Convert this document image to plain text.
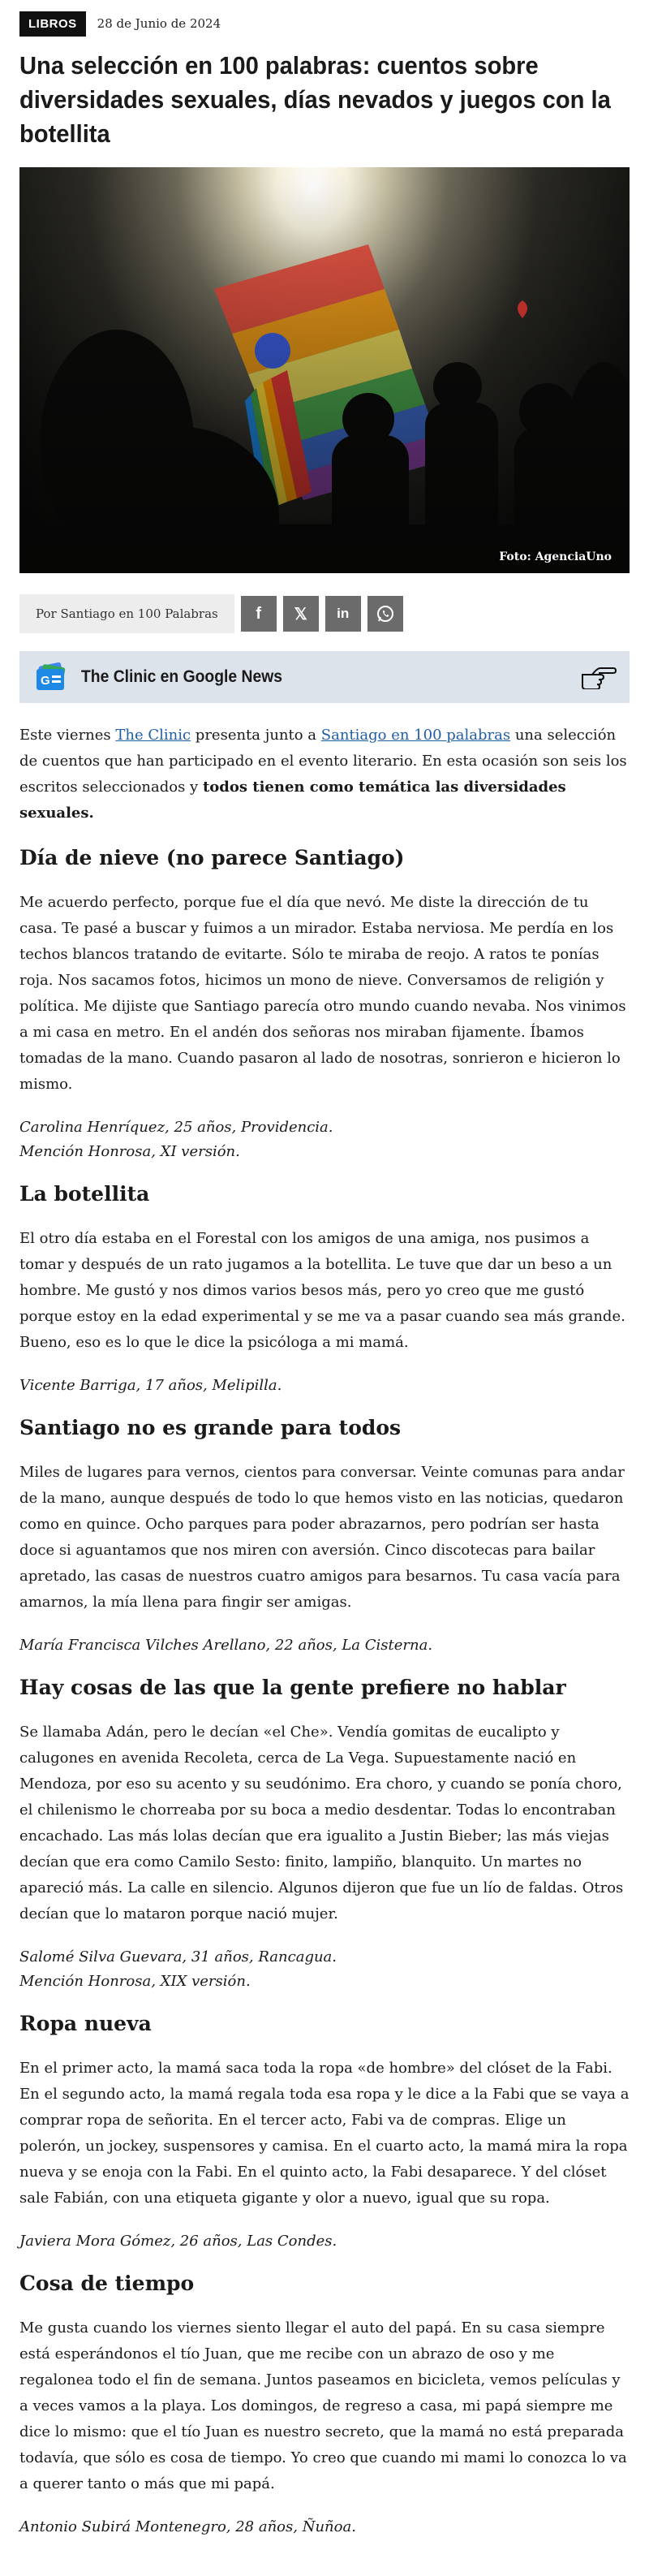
LIBROS	28 de Junio de 2024
Una selección en 100 palabras: cuentos sobre diversidades sexuales, días nevados y juegos con la botellita
Foto: AgenciaUno
Por Santiago en 100 Palabras	f 𝕏 in
G The Clinic en Google News

Este viernes The Clinic presenta junto a Santiago en 100 palabras una selección de cuentos que han participado en el evento literario. En esta ocasión son seis los escritos seleccionados y todos tienen como temática las diversidades sexuales.

Día de nieve (no parece Santiago)

Me acuerdo perfecto, porque fue el día que nevó. Me diste la dirección de tu casa. Te pasé a buscar y fuimos a un mirador. Estaba nerviosa. Me perdía en los techos blancos tratando de evitarte. Sólo te miraba de reojo. A ratos te ponías roja. Nos sacamos fotos, hicimos un mono de nieve. Conversamos de religión y política. Me dijiste que Santiago parecía otro mundo cuando nevaba. Nos vinimos a mi casa en metro. En el andén dos señoras nos miraban fijamente. Íbamos tomadas de la mano. Cuando pasaron al lado de nosotras, sonrieron e hicieron lo mismo.

Carolina Henríquez, 25 años, Providencia.
Mención Honrosa, XI versión.

La botellita

El otro día estaba en el Forestal con los amigos de una amiga, nos pusimos a tomar y después de un rato jugamos a la botellita. Le tuve que dar un beso a un hombre. Me gustó y nos dimos varios besos más, pero yo creo que me gustó porque estoy en la edad experimental y se me va a pasar cuando sea más grande. Bueno, eso es lo que le dice la psicóloga a mi mamá.

Vicente Barriga, 17 años, Melipilla.

Santiago no es grande para todos

Miles de lugares para vernos, cientos para conversar. Veinte comunas para andar de la mano, aunque después de todo lo que hemos visto en las noticias, quedaron como en quince. Ocho parques para poder abrazarnos, pero podrían ser hasta doce si aguantamos que nos miren con aversión. Cinco discotecas para bailar apretado, las casas de nuestros cuatro amigos para besarnos. Tu casa vacía para amarnos, la mía llena para fingir ser amigas.

María Francisca Vilches Arellano, 22 años, La Cisterna.

Hay cosas de las que la gente prefiere no hablar

Se llamaba Adán, pero le decían «el Che». Vendía gomitas de eucalipto y calugones en avenida Recoleta, cerca de La Vega. Supuestamente nació en Mendoza, por eso su acento y su seudónimo. Era choro, y cuando se ponía choro, el chilenismo le chorreaba por su boca a medio desdentar. Todas lo encontraban encachado. Las más lolas decían que era igualito a Justin Bieber; las más viejas decían que era como Camilo Sesto: finito, lampiño, blanquito. Un martes no apareció más. La calle en silencio. Algunos dijeron que fue un lío de faldas. Otros decían que lo mataron porque nació mujer.

Salomé Silva Guevara, 31 años, Rancagua.
Mención Honrosa, XIX versión.

Ropa nueva

En el primer acto, la mamá saca toda la ropa «de hombre» del clóset de la Fabi. En el segundo acto, la mamá regala toda esa ropa y le dice a la Fabi que se vaya a comprar ropa de señorita. En el tercer acto, Fabi va de compras. Elige un polerón, un jockey, suspensores y camisa. En el cuarto acto, la mamá mira la ropa nueva y se enoja con la Fabi. En el quinto acto, la Fabi desaparece. Y del clóset sale Fabián, con una etiqueta gigante y olor a nuevo, igual que su ropa.

Javiera Mora Gómez, 26 años, Las Condes.

Cosa de tiempo

Me gusta cuando los viernes siento llegar el auto del papá. En su casa siempre está esperándonos el tío Juan, que me recibe con un abrazo de oso y me regalonea todo el fin de semana. Juntos paseamos en bicicleta, vemos películas y a veces vamos a la playa. Los domingos, de regreso a casa, mi papá siempre me dice lo mismo: que el tío Juan es nuestro secreto, que la mamá no está preparada todavía, que sólo es cosa de tiempo. Yo creo que cuando mi mami lo conozca lo va a querer tanto o más que mi papá.

Antonio Subirá Montenegro, 28 años, Ñuñoa.
